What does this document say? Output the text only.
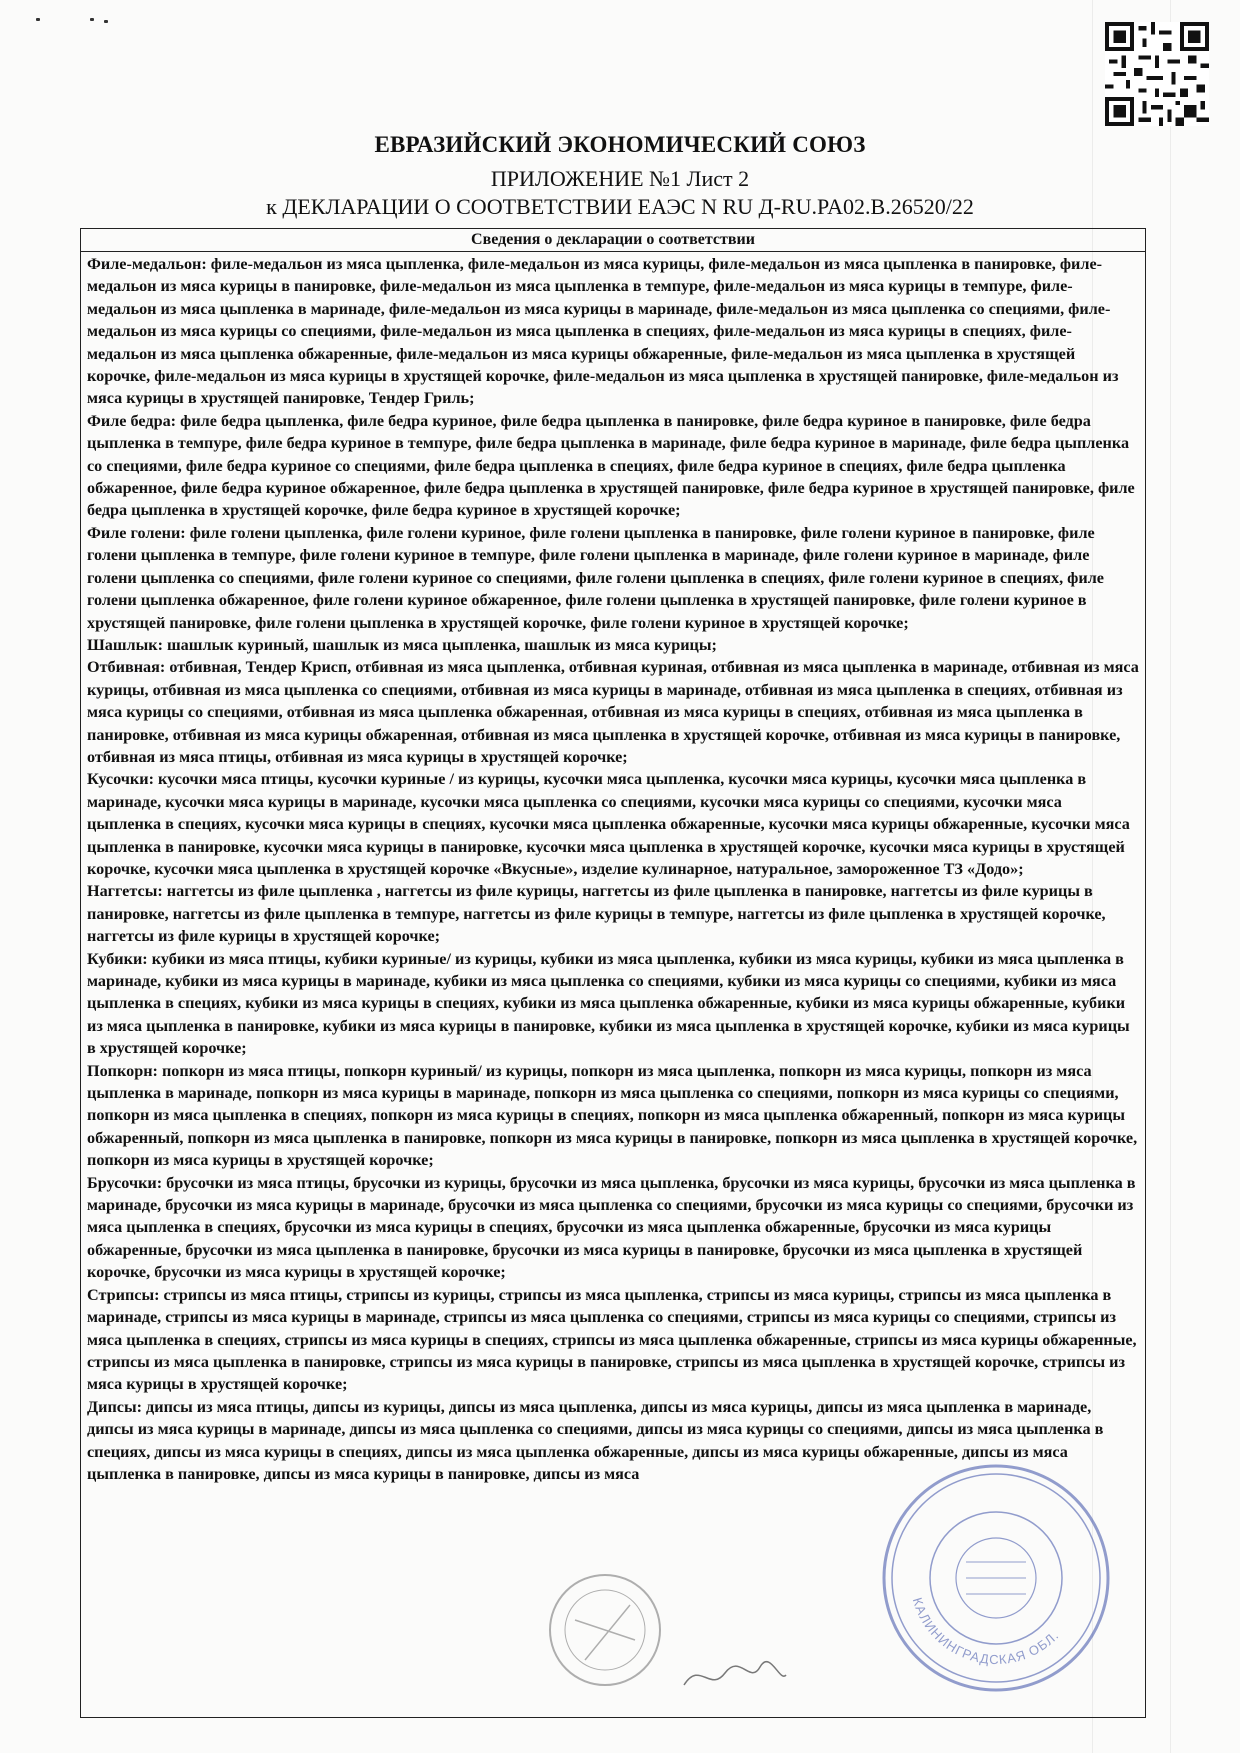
ЕВРАЗИЙСКИЙ ЭКОНОМИЧЕСКИЙ СОЮЗ
ПРИЛОЖЕНИЕ №1 Лист 2
к ДЕКЛАРАЦИИ О СООТВЕТСТВИИ ЕАЭС N RU Д-RU.PA02.B.26520/22
Сведения о декларации о соответствии

Филе-медальон: филе-медальон из мяса цыпленка, филе-медальон из мяса курицы, филе-медальон из мяса цыпленка в панировке, филе-медальон из мяса курицы в панировке, филе-медальон из мяса цыпленка в темпуре, филе-медальон из мяса курицы в темпуре, филе-медальон из мяса цыпленка в маринаде, филе-медальон из мяса курицы в маринаде, филе-медальон из мяса цыпленка со специями, филе-медальон из мяса курицы со специями, филе-медальон из мяса цыпленка в специях, филе-медальон из мяса курицы в специях, филе-медальон из мяса цыпленка обжаренные, филе-медальон из мяса курицы обжаренные, филе-медальон из мяса цыпленка в хрустящей корочке, филе-медальон из мяса курицы в хрустящей корочке, филе-медальон из мяса цыпленка в хрустящей панировке, филе-медальон из мяса курицы в хрустящей панировке, Тендер Гриль;

Филе бедра: филе бедра цыпленка, филе бедра куриное, филе бедра цыпленка в панировке, филе бедра куриное в панировке, филе бедра цыпленка в темпуре, филе бедра куриное в темпуре, филе бедра цыпленка в маринаде, филе бедра куриное в маринаде, филе бедра цыпленка со специями, филе бедра куриное со специями, филе бедра цыпленка в специях, филе бедра куриное в специях, филе бедра цыпленка обжаренное, филе бедра куриное обжаренное, филе бедра цыпленка в хрустящей панировке, филе бедра куриное в хрустящей панировке, филе бедра цыпленка в хрустящей корочке, филе бедра куриное в хрустящей корочке;

Филе голени: филе голени цыпленка, филе голени куриное, филе голени цыпленка в панировке, филе голени куриное в панировке, филе голени цыпленка в темпуре, филе голени куриное в темпуре, филе голени цыпленка в маринаде, филе голени куриное в маринаде, филе голени цыпленка со специями, филе голени куриное со специями, филе голени цыпленка в специях, филе голени куриное в специях, филе голени цыпленка обжаренное, филе голени куриное обжаренное, филе голени цыпленка в хрустящей панировке, филе голени куриное в хрустящей панировке, филе голени цыпленка в хрустящей корочке, филе голени куриное в хрустящей корочке;

Шашлык: шашлык куриный, шашлык из мяса цыпленка, шашлык из мяса курицы;

Отбивная: отбивная, Тендер Крисп, отбивная из мяса цыпленка, отбивная куриная, отбивная из мяса цыпленка в маринаде, отбивная из мяса курицы, отбивная из мяса цыпленка со специями, отбивная из мяса курицы в маринаде, отбивная из мяса цыпленка в специях, отбивная из мяса курицы со специями, отбивная из мяса цыпленка обжаренная, отбивная из мяса курицы в специях, отбивная из мяса цыпленка в панировке, отбивная из мяса курицы обжаренная, отбивная из мяса цыпленка в хрустящей корочке, отбивная из мяса курицы в панировке, отбивная из мяса птицы, отбивная из мяса курицы в хрустящей корочке;

Кусочки: кусочки мяса птицы, кусочки куриные / из курицы, кусочки мяса цыпленка, кусочки мяса курицы, кусочки мяса цыпленка в маринаде, кусочки мяса курицы в маринаде, кусочки мяса цыпленка со специями, кусочки мяса курицы со специями, кусочки мяса цыпленка в специях, кусочки мяса курицы в специях, кусочки мяса цыпленка обжаренные, кусочки мяса курицы обжаренные, кусочки мяса цыпленка в панировке, кусочки мяса курицы в панировке, кусочки мяса цыпленка в хрустящей корочке, кусочки мяса курицы в хрустящей корочке, кусочки мяса цыпленка в хрустящей корочке «Вкусные», изделие кулинарное, натуральное, замороженное ТЗ «Додо»;

Наггетсы: наггетсы из филе цыпленка , наггетсы из филе курицы, наггетсы из филе цыпленка в панировке, наггетсы из филе курицы в панировке, наггетсы из филе цыпленка в темпуре, наггетсы из филе курицы в темпуре, наггетсы из филе цыпленка в хрустящей корочке, наггетсы из филе курицы в хрустящей корочке;

Кубики: кубики из мяса птицы, кубики куриные/ из курицы, кубики из мяса цыпленка, кубики из мяса курицы, кубики из мяса цыпленка в маринаде, кубики из мяса курицы в маринаде, кубики из мяса цыпленка со специями, кубики из мяса курицы со специями, кубики из мяса цыпленка в специях, кубики из мяса курицы в специях, кубики из мяса цыпленка обжаренные, кубики из мяса курицы обжаренные, кубики из мяса цыпленка в панировке, кубики из мяса курицы в панировке, кубики из мяса цыпленка в хрустящей корочке, кубики из мяса курицы в хрустящей корочке;

Попкорн: попкорн из мяса птицы, попкорн куриный/ из курицы, попкорн из мяса цыпленка, попкорн из мяса курицы, попкорн из мяса цыпленка в маринаде, попкорн из мяса курицы в маринаде, попкорн из мяса цыпленка со специями, попкорн из мяса курицы со специями, попкорн из мяса цыпленка в специях, попкорн из мяса курицы в специях, попкорн из мяса цыпленка обжаренный, попкорн из мяса курицы обжаренный, попкорн из мяса цыпленка в панировке, попкорн из мяса курицы в панировке, попкорн из мяса цыпленка в хрустящей корочке, попкорн из мяса курицы в хрустящей корочке;

Брусочки: брусочки из мяса птицы, брусочки из курицы, брусочки из мяса цыпленка, брусочки из мяса курицы, брусочки из мяса цыпленка в маринаде, брусочки из мяса курицы в маринаде, брусочки из мяса цыпленка со специями, брусочки из мяса курицы со специями, брусочки из мяса цыпленка в специях, брусочки из мяса курицы в специях, брусочки из мяса цыпленка обжаренные, брусочки из мяса курицы обжаренные, брусочки из мяса цыпленка в панировке, брусочки из мяса курицы в панировке, брусочки из мяса цыпленка в хрустящей корочке, брусочки из мяса курицы в хрустящей корочке;

Стрипсы: стрипсы из мяса птицы, стрипсы из курицы, стрипсы из мяса цыпленка, стрипсы из мяса курицы, стрипсы из мяса цыпленка в маринаде, стрипсы из мяса курицы в маринаде, стрипсы из мяса цыпленка со специями, стрипсы из мяса курицы со специями, стрипсы из мяса цыпленка в специях, стрипсы из мяса курицы в специях, стрипсы из мяса цыпленка обжаренные, стрипсы из мяса курицы обжаренные, стрипсы из мяса цыпленка в панировке, стрипсы из мяса курицы в панировке, стрипсы из мяса цыпленка в хрустящей корочке, стрипсы из мяса курицы в хрустящей корочке;

Дипсы: дипсы из мяса птицы, дипсы из курицы, дипсы из мяса цыпленка, дипсы из мяса курицы, дипсы из мяса цыпленка в маринаде, дипсы из мяса курицы в маринаде, дипсы из мяса цыпленка со специями, дипсы из мяса курицы со специями, дипсы из мяса цыпленка в специях, дипсы из мяса курицы в специях, дипсы из мяса цыпленка обжаренные, дипсы из мяса курицы обжаренные, дипсы из мяса цыпленка в панировке, дипсы из мяса курицы в панировке, дипсы из мяса

КАЛИНИНГРАДСКАЯ ОБЛ.
